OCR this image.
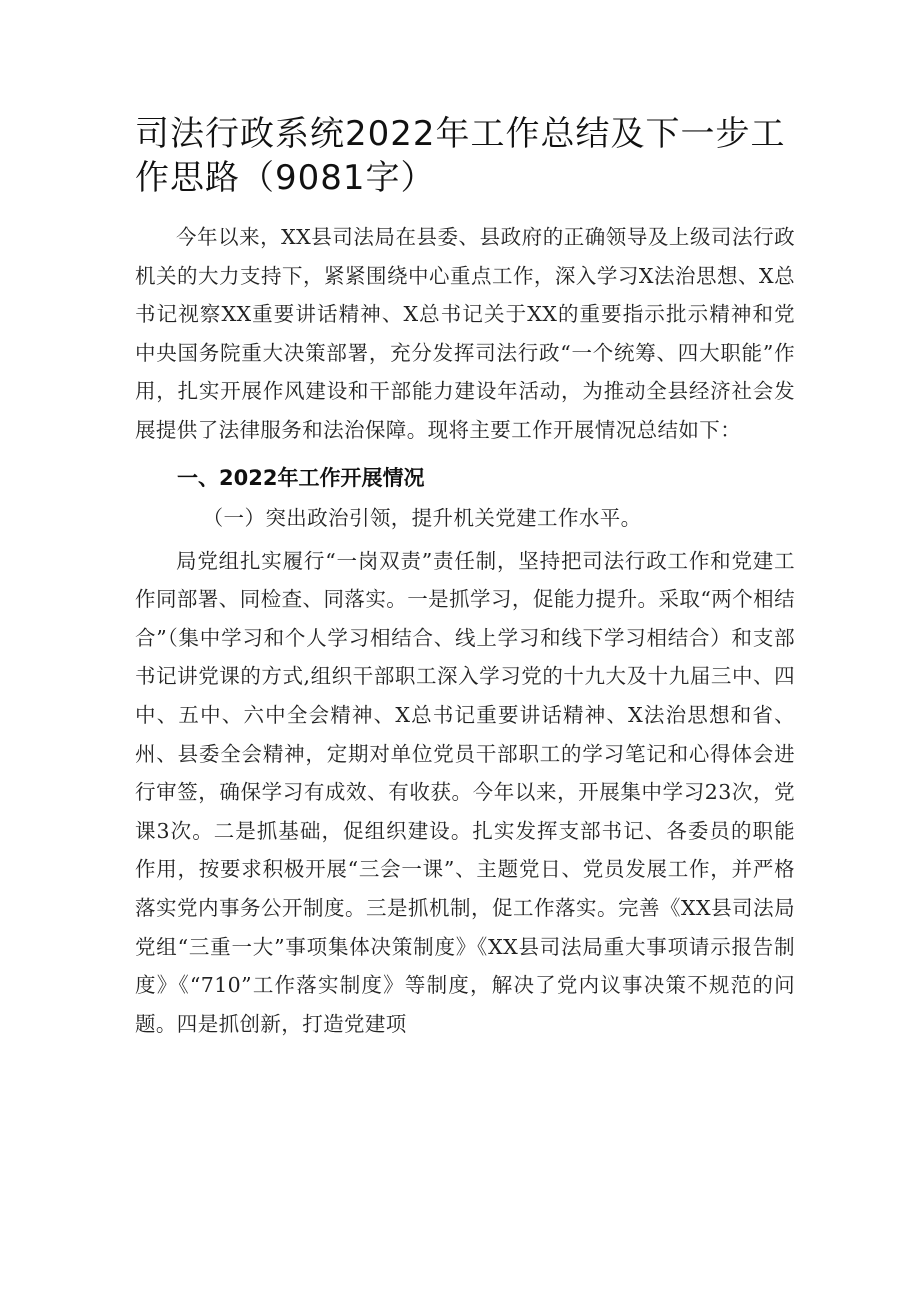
司法行政系统2022年工作总结及下一步工作思路（9081字）

今年以来，XX县司法局在县委、县政府的正确领导及上级司法行政机关的大力支持下，紧紧围绕中心重点工作，深入学习X法治思想、X总书记视察XX重要讲话精神、X总书记关于XX的重要指示批示精神和党中央国务院重大决策部署，充分发挥司法行政“一个统筹、四大职能”作用，扎实开展作风建设和干部能力建设年活动，为推动全县经济社会发展提供了法律服务和法治保障。现将主要工作开展情况总结如下：

一、2022年工作开展情况
（一）突出政治引领，提升机关党建工作水平。

局党组扎实履行“一岗双责”责任制，坚持把司法行政工作和党建工作同部署、同检查、同落实。一是抓学习，促能力提升。采取“两个相结合”（集中学习和个人学习相结合、线上学习和线下学习相结合）和支部书记讲党课的方式,组织干部职工深入学习党的十九大及十九届三中、四中、五中、六中全会精神、X总书记重要讲话精神、X法治思想和省、州、县委全会精神，定期对单位党员干部职工的学习笔记和心得体会进行审签，确保学习有成效、有收获。今年以来，开展集中学习23次，党课3次。二是抓基础，促组织建设。扎实发挥支部书记、各委员的职能作用，按要求积极开展“三会一课”、主题党日、党员发展工作，并严格落实党内事务公开制度。三是抓机制，促工作落实。完善《XX县司法局党组“三重一大”事项集体决策制度》《XX县司法局重大事项请示报告制度》《“710”工作落实制度》等制度，解决了党内议事决策不规范的问题。四是抓创新，打造党建项
